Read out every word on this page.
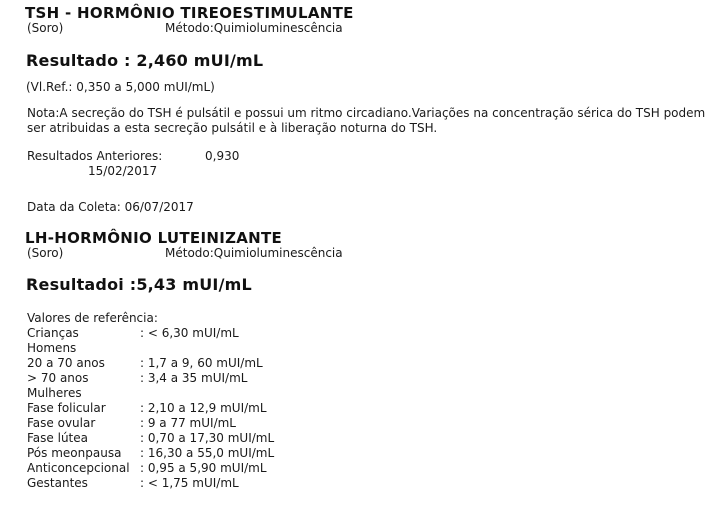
TSH - HORMÔNIO TIREOESTIMULANTE
(Soro)	Método:Quimioluminescência
Resultado : 2,460 mUI/mL
(Vl.Ref.: 0,350 a 5,000 mUI/mL)
Nota:A secreção do TSH é pulsátil e possui um ritmo circadiano.Variações na concentração sérica do TSH podem ser atribuidas a esta secreção pulsátil e à liberação noturna do TSH.
Resultados Anteriores:	0,930
15/02/2017
Data da Coleta: 06/07/2017
LH-HORMÔNIO LUTEINIZANTE
(Soro)	Método:Quimioluminescência
Resultadoi :5,43 mUI/mL
Valores de referência:
Crianças	: < 6,30 mUI/mL
Homens
20 a 70 anos	: 1,7 a 9, 60 mUI/mL
> 70 anos	: 3,4 a 35 mUI/mL
Mulheres
Fase folicular	: 2,10 a 12,9 mUI/mL
Fase ovular	: 9 a 77 mUI/mL
Fase lútea	: 0,70 a 17,30 mUI/mL
Pós meonpausa	: 16,30 a 55,0 mUI/mL
Anticoncepcional : 0,95 a 5,90 mUI/mL
Gestantes	: < 1,75 mUI/mL
